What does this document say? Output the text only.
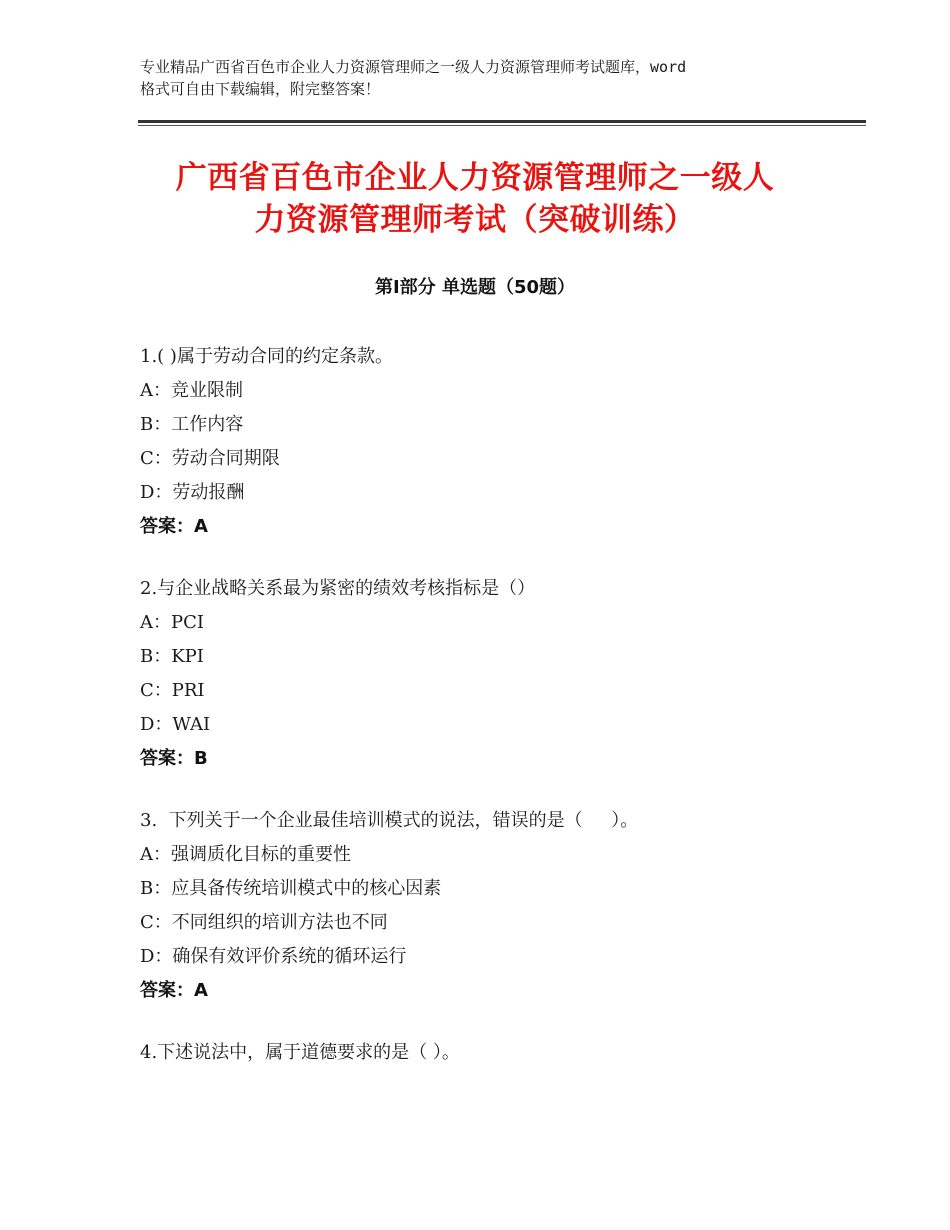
专业精品广西省百色市企业人力资源管理师之一级人力资源管理师考试题库，word
格式可自由下载编辑，附完整答案！
广西省百色市企业人力资源管理师之一级人
力资源管理师考试（突破训练）
第Ⅰ部分 单选题（50题）
1.( )属于劳动合同的约定条款。
A：竞业限制
B：工作内容
C：劳动合同期限
D：劳动报酬
答案：A
2.与企业战略关系最为紧密的绩效考核指标是（）
A：PCI
B：KPI
C：PRI
D：WAI
答案：B
3.  下列关于一个企业最佳培训模式的说法，错误的是（     ）。
A：强调质化目标的重要性
B：应具备传统培训模式中的核心因素
C：不同组织的培训方法也不同
D：确保有效评价系统的循环运行
答案：A
4.下述说法中，属于道德要求的是（ ）。
